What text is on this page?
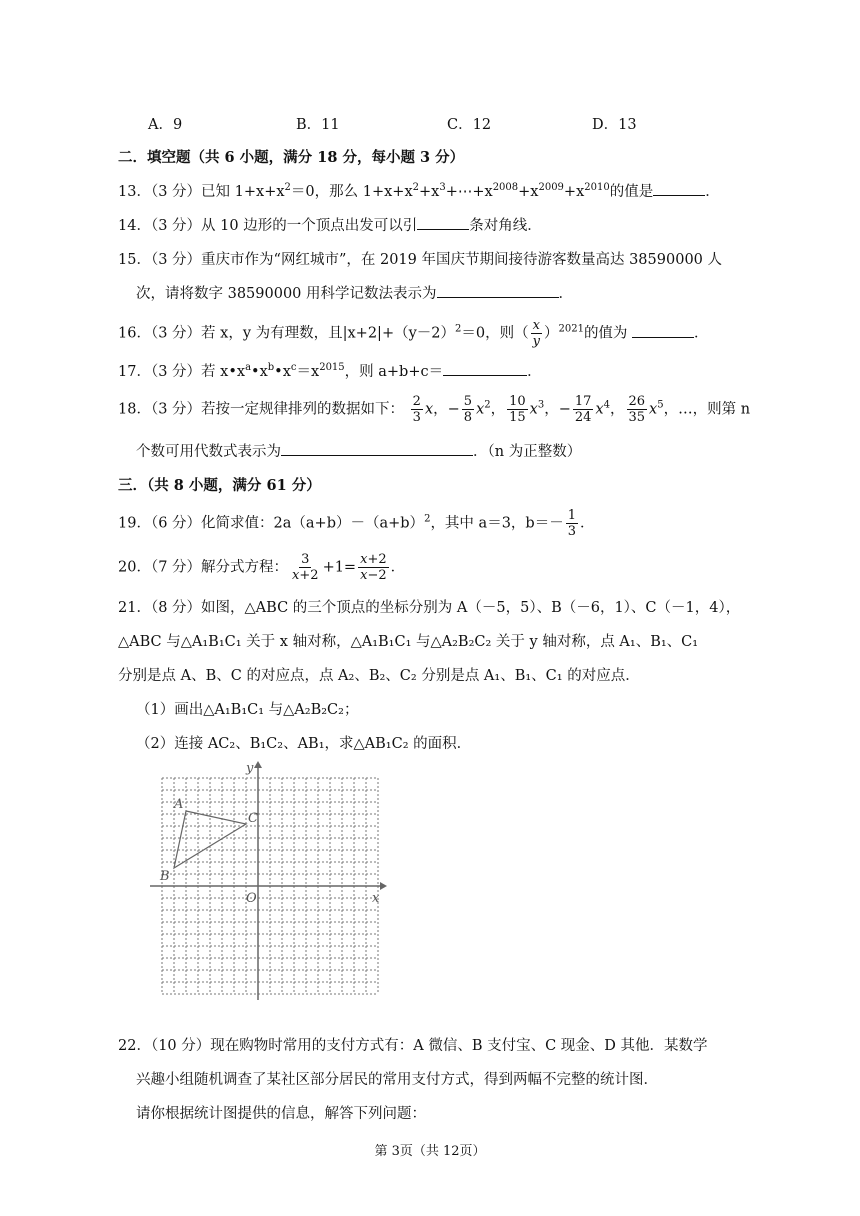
A．9	B．11	C．12	D．13
二．填空题（共 6 小题，满分 18 分，每小题 3 分）
13．（3 分）已知 $1+x+x^2=0$，那么 $1+x+x^2+x^3+\cdots+x^{2008}+x^{2009}+x^{2010}$的值是	．
14．（3 分）从 10 边形的一个顶点出发可以引	条对角线．
15．（3 分）重庆市作为“网红城市”，在 2019 年国庆节期间接待游客数量高达 38590000 人
次，请将数字 38590000 用科学记数法表示为	．
16．（3 分）若 x，y 为有理数，且$|x+2|+(y-2)^2=0$，则（ $\frac{x}{y} )^{2021}$的值为	．
17．（3 分）若 $x•x^a•x^b•x^c=x^{2015}$，则 a+b+c＝	．
18．（3 分）若按一定规律排列的数据如下： $\frac{2}{3}$ x，− $\frac{5}{8} x^2$， $\frac{10}{15} x^3$，− $\frac{17}{24} x^4$， $\frac{26}{35} x^5$，…，则第 n
个数可用代数式表示为	．（n 为正整数）
三．（共 8 小题，满分 61 分）
19．（6 分）化简求值：$2a(a+b)-(a+b)^2$，其中 a＝3，$b=- \frac{1}{3}$ ．
20．（7 分）解分式方程： $\frac{3}{x+2} +1= \frac{x+2}{x-2}$ ．
21．（8 分）如图，△ABC 的三个顶点的坐标分别为 A（－5，5）、B（－6，1）、C（－1，4），
△ABC 与△A₁B₁C₁ 关于 x 轴对称，△A₁B₁C₁ 与△A₂B₂C₂ 关于 y 轴对称，点 A₁、B₁、C₁
分别是点 A、B、C 的对应点，点 A₂、B₂、C₂ 分别是点 A₁、B₁、C₁ 的对应点．
（1）画出△A₁B₁C₁ 与△A₂B₂C₂；
（2）连接 AC₂、B₁C₂、AB₁，求△AB₁C₂ 的面积．
y
x
O
A
B
C
22．（10 分）现在购物时常用的支付方式有：A 微信、B 支付宝、C 现金、D 其他．某数学
兴趣小组随机调查了某社区部分居民的常用支付方式，得到两幅不完整的统计图．
请你根据统计图提供的信息，解答下列问题：
第 3页（共 12页）
